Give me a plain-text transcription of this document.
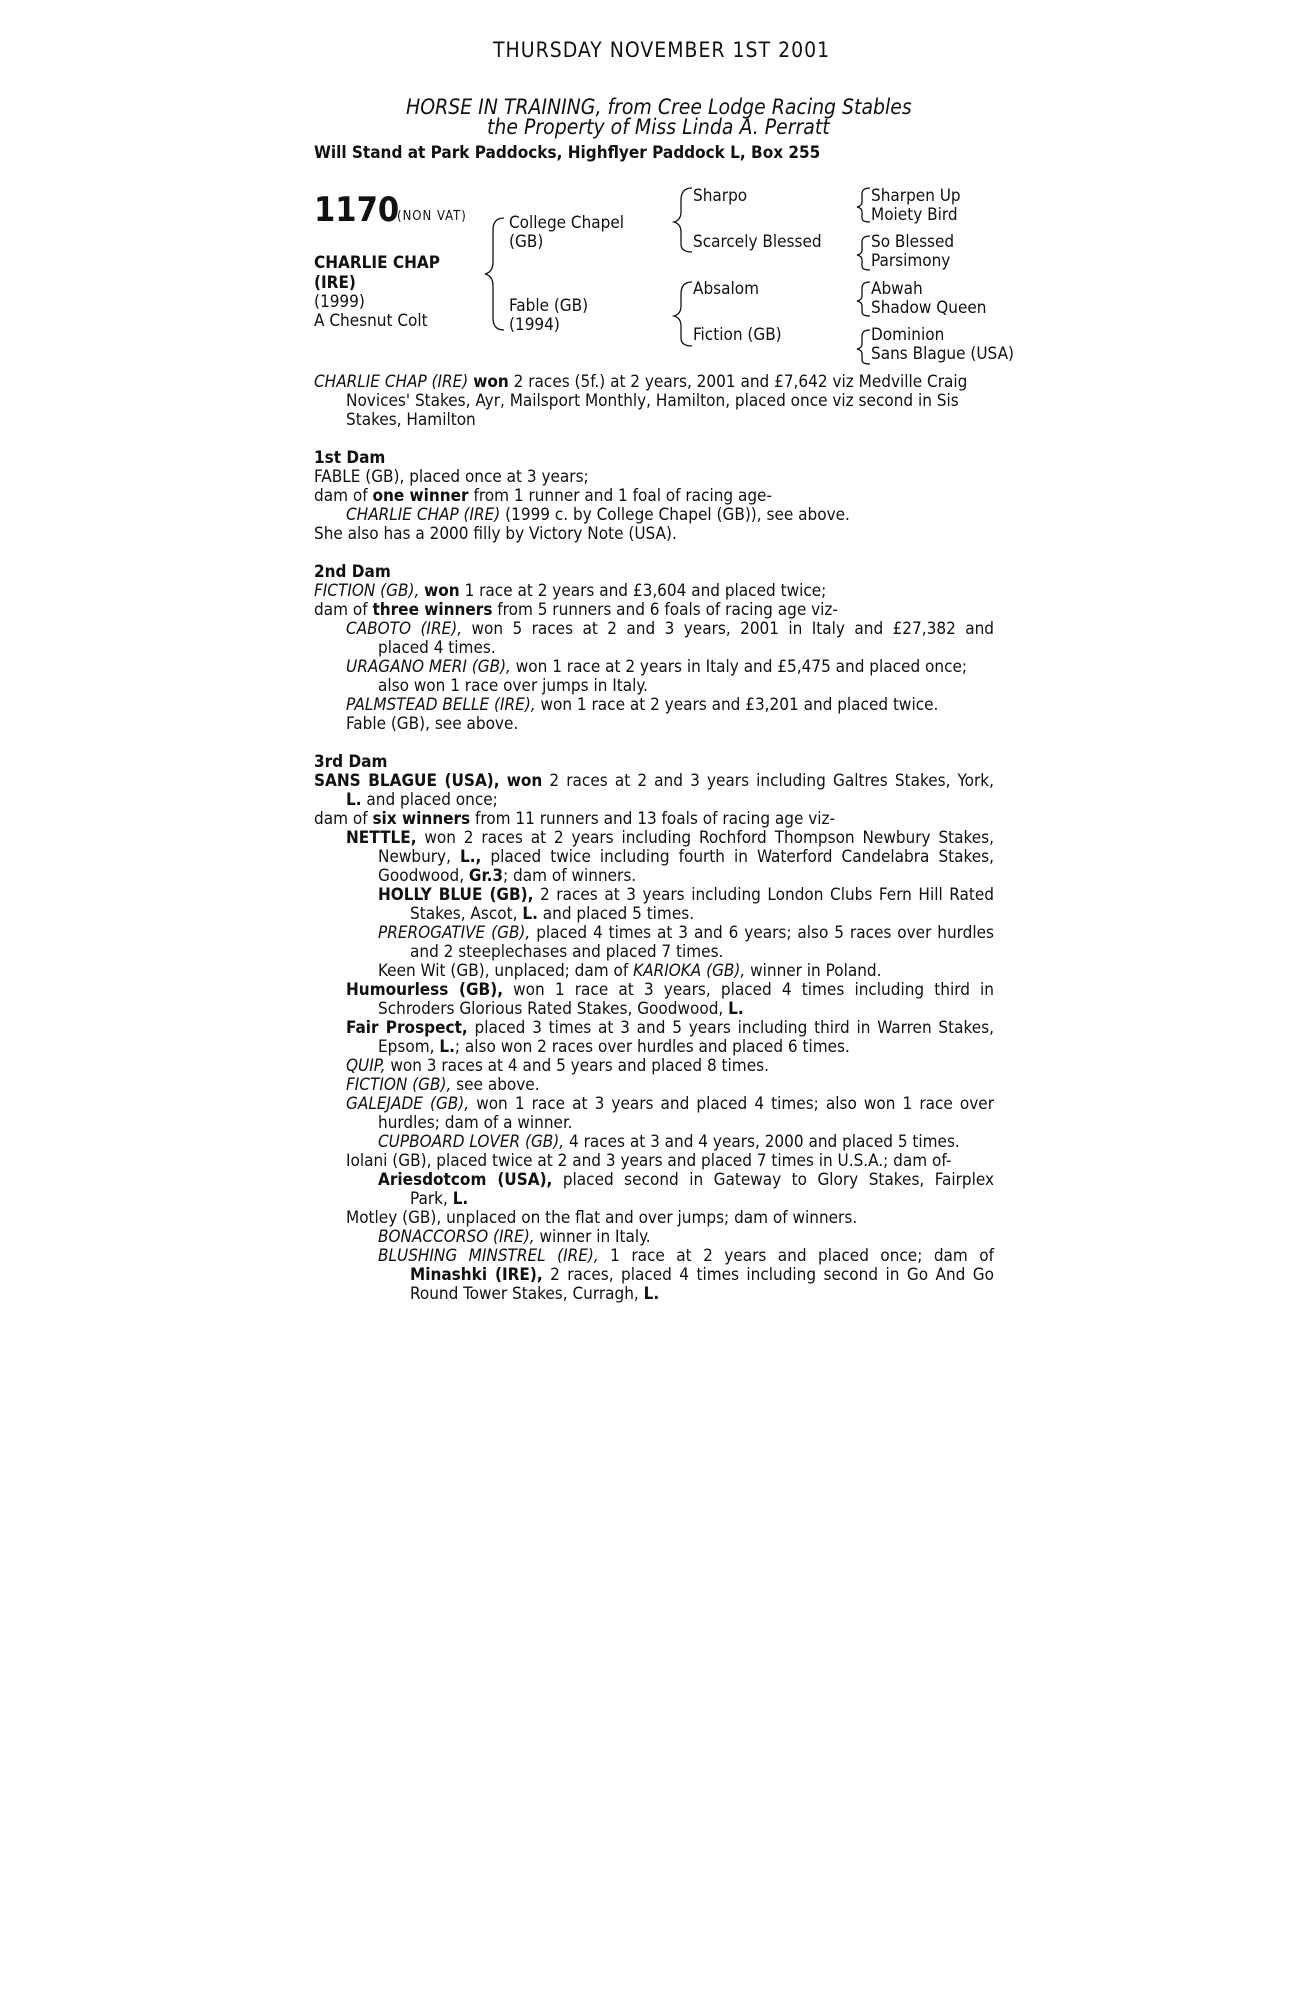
THURSDAY NOVEMBER 1ST 2001
HORSE IN TRAINING, from Cree Lodge Racing Stables
the Property of Miss Linda A. Perratt
Will Stand at Park Paddocks, Highflyer Paddock L, Box 255
1170
(NON VAT)
CHARLIE CHAP
(IRE)
(1999)
A Chesnut Colt
College Chapel
(GB)
Fable (GB)
(1994)
Sharpo
Scarcely Blessed
Absalom
Fiction (GB)
Sharpen Up
Moiety Bird
So Blessed
Parsimony
Abwah
Shadow Queen
Dominion
Sans Blague (USA)
CHARLIE CHAP (IRE) won 2 races (5f.) at 2 years, 2001 and £7,642 viz Medville Craig
Novices' Stakes, Ayr, Mailsport Monthly, Hamilton, placed once viz second in Sis
Stakes, Hamilton
1st Dam
FABLE (GB), placed once at 3 years;
dam of one winner from 1 runner and 1 foal of racing age-
CHARLIE CHAP (IRE) (1999 c. by College Chapel (GB)), see above.
She also has a 2000 filly by Victory Note (USA).
2nd Dam
FICTION (GB), won 1 race at 2 years and £3,604 and placed twice;
dam of three winners from 5 runners and 6 foals of racing age viz-
CABOTO (IRE), won 5 races at 2 and 3 years, 2001 in Italy and £27,382 and
placed 4 times.
URAGANO MERI (GB), won 1 race at 2 years in Italy and £5,475 and placed once;
also won 1 race over jumps in Italy.
PALMSTEAD BELLE (IRE), won 1 race at 2 years and £3,201 and placed twice.
Fable (GB), see above.
3rd Dam
SANS BLAGUE (USA), won 2 races at 2 and 3 years including Galtres Stakes, York,
L. and placed once;
dam of six winners from 11 runners and 13 foals of racing age viz-
NETTLE, won 2 races at 2 years including Rochford Thompson Newbury Stakes,
Newbury, L., placed twice including fourth in Waterford Candelabra Stakes,
Goodwood, Gr.3; dam of winners.
HOLLY BLUE (GB), 2 races at 3 years including London Clubs Fern Hill Rated
Stakes, Ascot, L. and placed 5 times.
PREROGATIVE (GB), placed 4 times at 3 and 6 years; also 5 races over hurdles
and 2 steeplechases and placed 7 times.
Keen Wit (GB), unplaced; dam of KARIOKA (GB), winner in Poland.
Humourless (GB), won 1 race at 3 years, placed 4 times including third in
Schroders Glorious Rated Stakes, Goodwood, L.
Fair Prospect, placed 3 times at 3 and 5 years including third in Warren Stakes,
Epsom, L.; also won 2 races over hurdles and placed 6 times.
QUIP, won 3 races at 4 and 5 years and placed 8 times.
FICTION (GB), see above.
GALEJADE (GB), won 1 race at 3 years and placed 4 times; also won 1 race over
hurdles; dam of a winner.
CUPBOARD LOVER (GB), 4 races at 3 and 4 years, 2000 and placed 5 times.
Iolani (GB), placed twice at 2 and 3 years and placed 7 times in U.S.A.; dam of-
Ariesdotcom (USA), placed second in Gateway to Glory Stakes, Fairplex
Park, L.
Motley (GB), unplaced on the flat and over jumps; dam of winners.
BONACCORSO (IRE), winner in Italy.
BLUSHING MINSTREL (IRE), 1 race at 2 years and placed once; dam of
Minashki (IRE), 2 races, placed 4 times including second in Go And Go
Round Tower Stakes, Curragh, L.
